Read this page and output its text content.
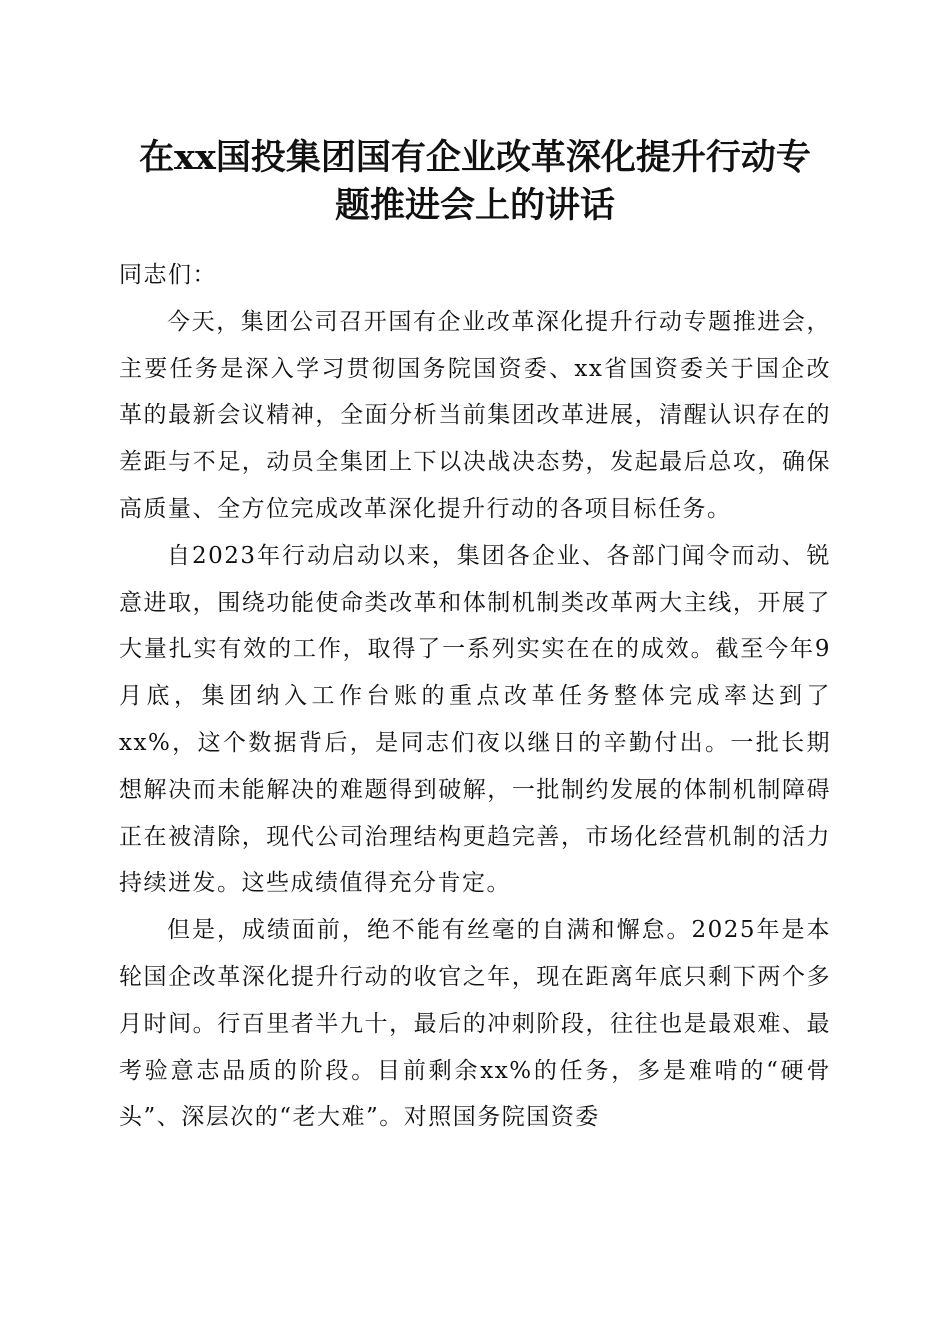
在xx国投集团国有企业改革深化提升行动专
题推进会上的讲话

同志们：

今天，集团公司召开国有企业改革深化提升行动专题推进会，主要任务是深入学习贯彻国务院国资委、xx省国资委关于国企改革的最新会议精神，全面分析当前集团改革进展，清醒认识存在的差距与不足，动员全集团上下以决战决态势，发起最后总攻，确保高质量、全方位完成改革深化提升行动的各项目标任务。

自2023年行动启动以来，集团各企业、各部门闻令而动、锐意进取，围绕功能使命类改革和体制机制类改革两大主线，开展了大量扎实有效的工作，取得了一系列实实在在的成效。截至今年9月底，集团纳入工作台账的重点改革任务整体完成率达到了xx%，这个数据背后，是同志们夜以继日的辛勤付出。一批长期想解决而未能解决的难题得到破解，一批制约发展的体制机制障碍正在被清除，现代公司治理结构更趋完善，市场化经营机制的活力持续迸发。这些成绩值得充分肯定。

但是，成绩面前，绝不能有丝毫的自满和懈怠。2025年是本轮国企改革深化提升行动的收官之年，现在距离年底只剩下两个多月时间。行百里者半九十，最后的冲刺阶段，往往也是最艰难、最考验意志品质的阶段。目前剩余xx%的任务，多是难啃的“硬骨头”、深层次的“老大难”。对照国务院国资委
